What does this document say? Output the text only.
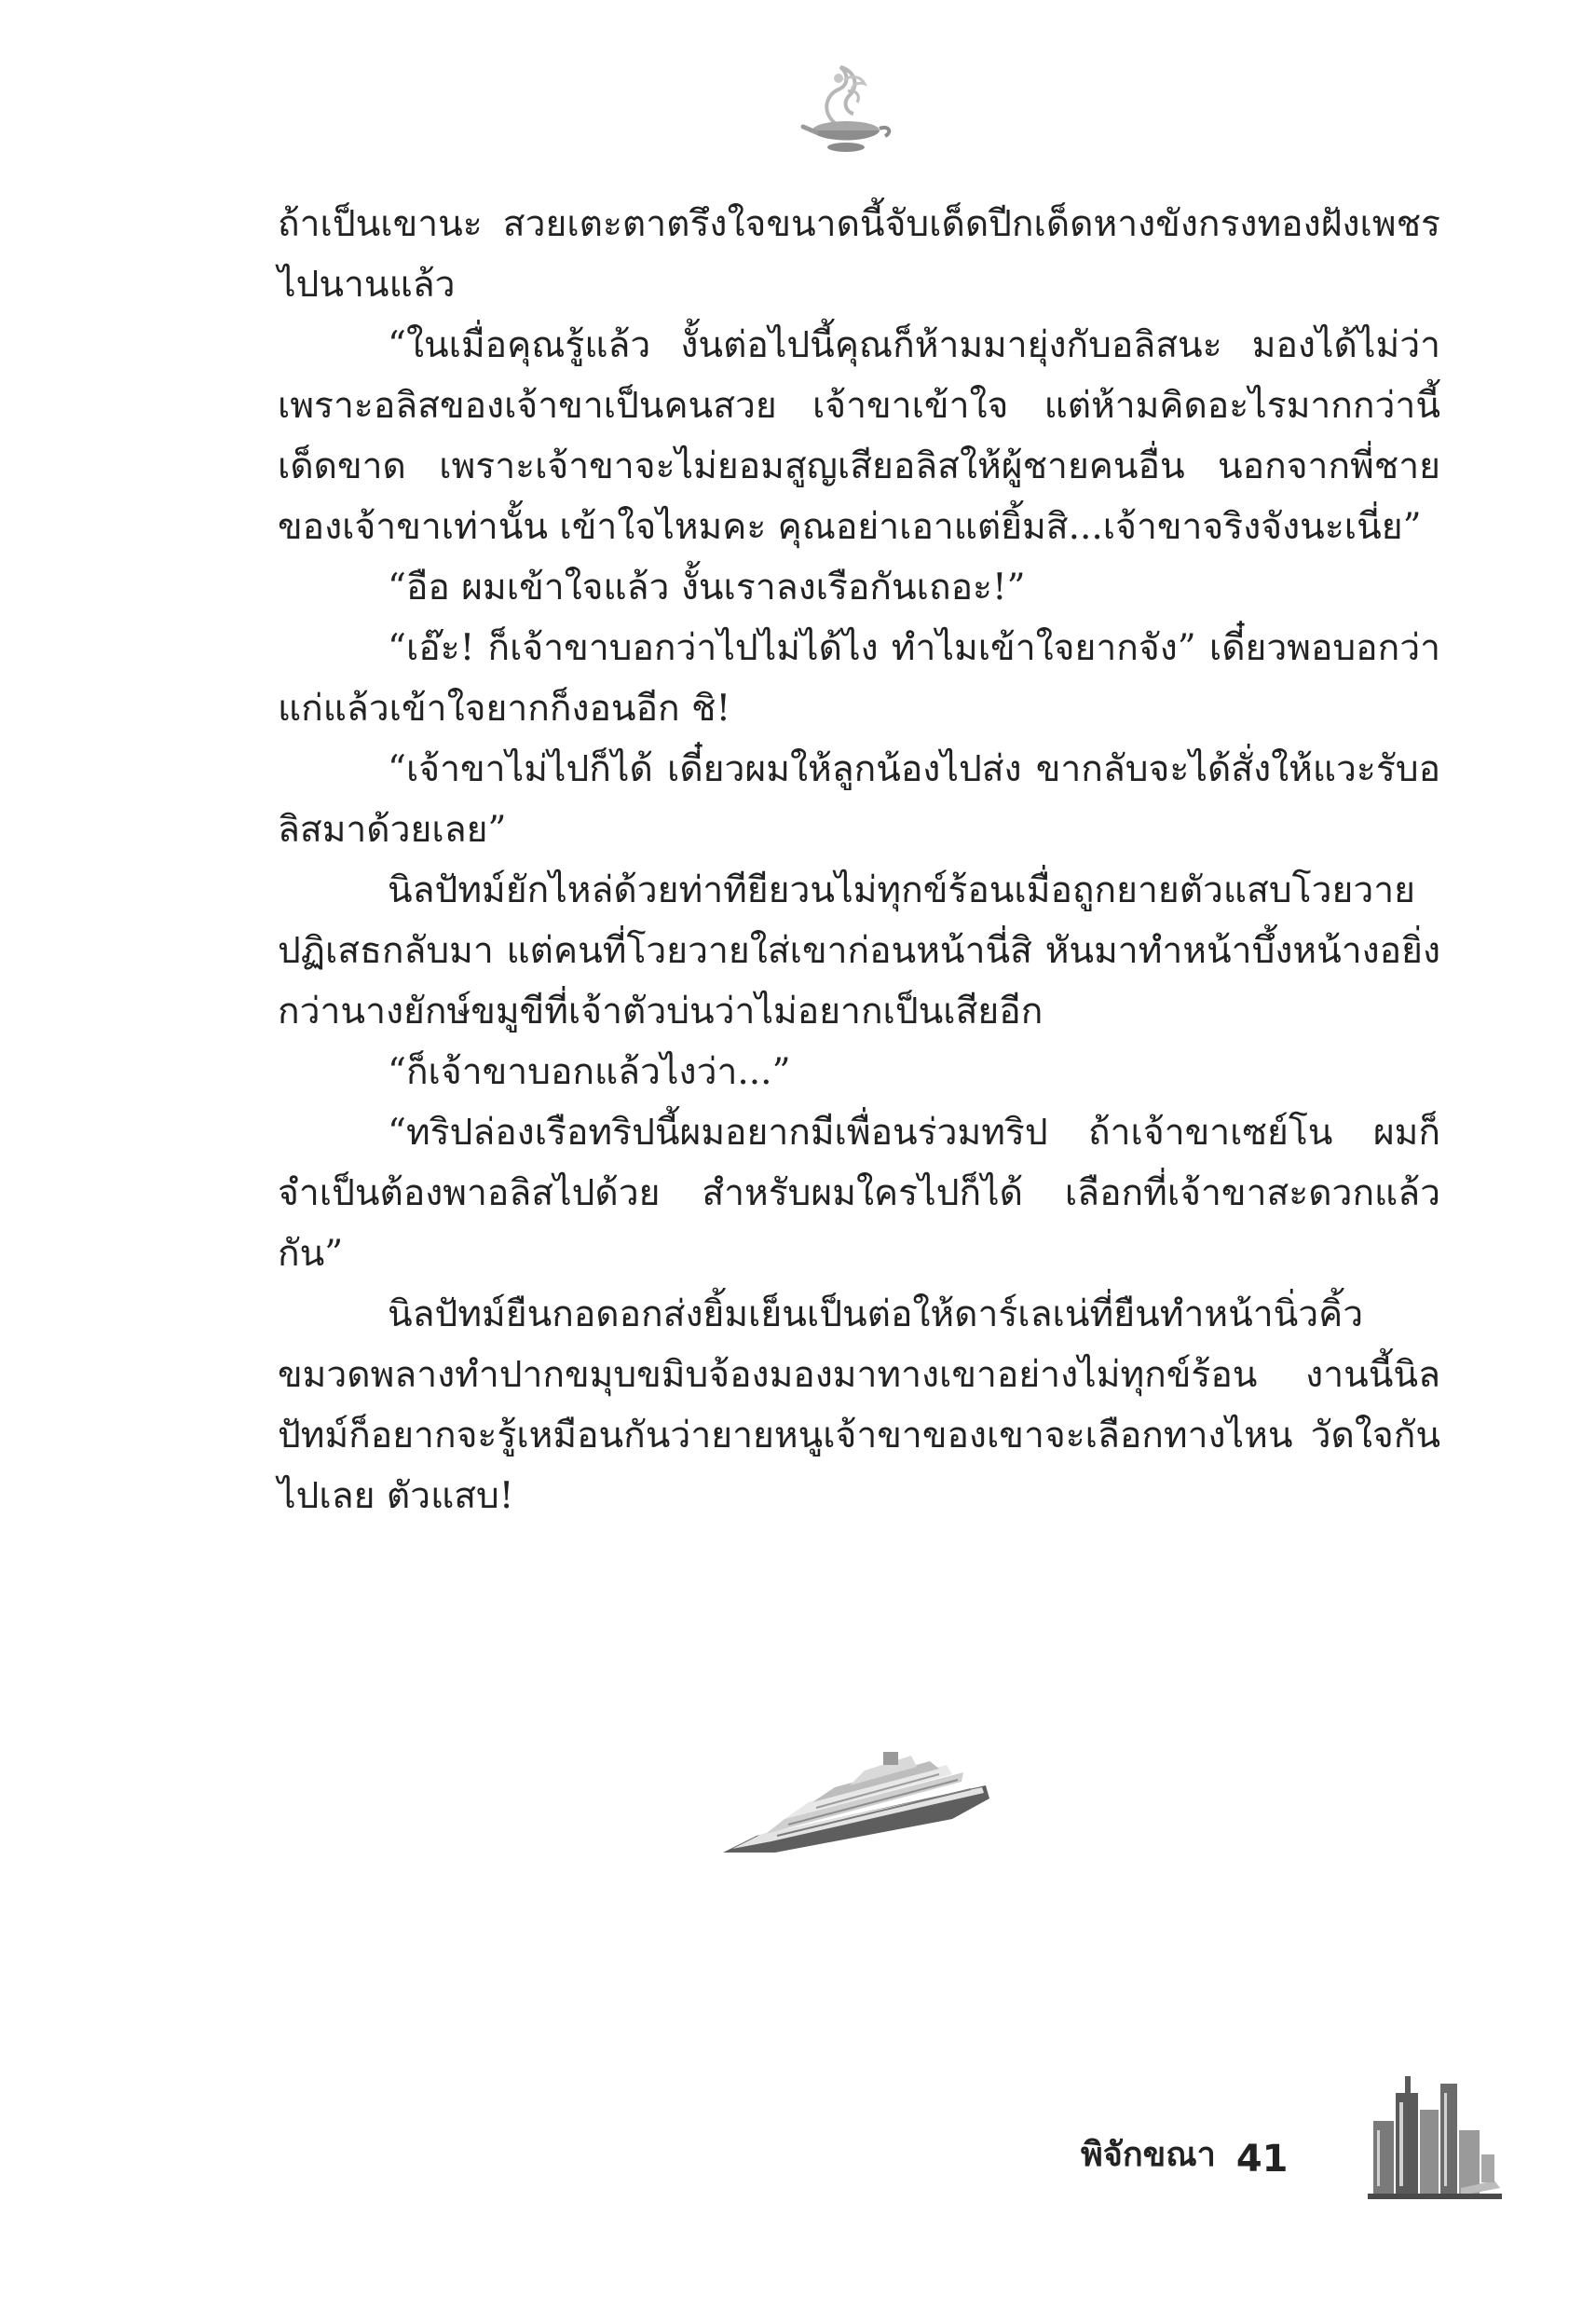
ถ้าเป็นเขานะ สวยเตะตาตรึงใจขนาดนี้จับเด็ดปีกเด็ดหางขังกรงทองฝังเพชรไปนานแล้ว

“ในเมื่อคุณรู้แล้ว งั้นต่อไปนี้คุณก็ห้ามมายุ่งกับอลิสนะ มองได้ไม่ว่า เพราะอลิสของเจ้าขาเป็นคนสวย เจ้าขาเข้าใจ แต่ห้ามคิดอะไรมากกว่านี้เด็ดขาด เพราะเจ้าขาจะไม่ยอมสูญเสียอลิสให้ผู้ชายคนอื่น นอกจากพี่ชายของเจ้าขาเท่านั้น เข้าใจไหมคะ คุณอย่าเอาแต่ยิ้มสิ...เจ้าขาจริงจังนะเนี่ย”

“อือ ผมเข้าใจแล้ว งั้นเราลงเรือกันเถอะ!”

“เอ๊ะ! ก็เจ้าขาบอกว่าไปไม่ได้ไง ทำไมเข้าใจยากจัง” เดี๋ยวพอบอกว่าแก่แล้วเข้าใจยากก็งอนอีก ชิ!

“เจ้าขาไม่ไปก็ได้ เดี๋ยวผมให้ลูกน้องไปส่ง ขากลับจะได้สั่งให้แวะรับอลิสมาด้วยเลย”

นิลปัทม์ยักไหล่ด้วยท่าทียียวนไม่ทุกข์ร้อนเมื่อถูกยายตัวแสบโวยวายปฏิเสธกลับมา แต่คนที่โวยวายใส่เขาก่อนหน้านี่สิ หันมาทำหน้าบึ้งหน้างอยิ่งกว่านางยักษ์ขมูขีที่เจ้าตัวบ่นว่าไม่อยากเป็นเสียอีก

“ก็เจ้าขาบอกแล้วไงว่า...”

“ทริปล่องเรือทริปนี้ผมอยากมีเพื่อนร่วมทริป ถ้าเจ้าขาเซย์โน ผมก็จำเป็นต้องพาอลิสไปด้วย สำหรับผมใครไปก็ได้ เลือกที่เจ้าขาสะดวกแล้วกัน”

นิลปัทม์ยืนกอดอกส่งยิ้มเย็นเป็นต่อให้ดาร์เลเน่ที่ยืนทำหน้านิ่วคิ้วขมวดพลางทำปากขมุบขมิบจ้องมองมาทางเขาอย่างไม่ทุกข์ร้อน งานนี้นิลปัทม์ก็อยากจะรู้เหมือนกันว่ายายหนูเจ้าขาของเขาจะเลือกทางไหน วัดใจกันไปเลย ตัวแสบ!

พิจักขณา 41
